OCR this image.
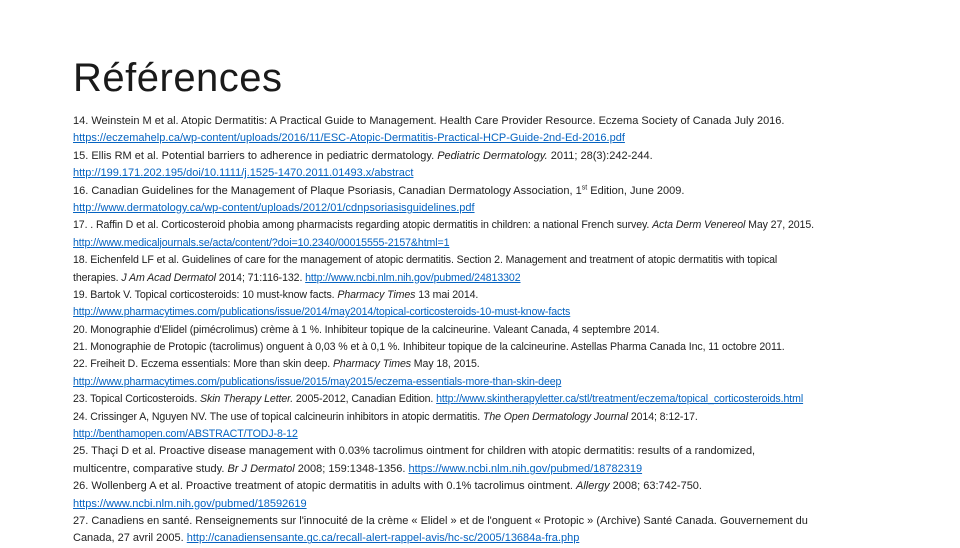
Références
14. Weinstein M et al. Atopic Dermatitis: A Practical Guide to Management. Health Care Provider Resource. Eczema Society of Canada July 2016.
https://eczemahelp.ca/wp-content/uploads/2016/11/ESC-Atopic-Dermatitis-Practical-HCP-Guide-2nd-Ed-2016.pdf
15. Ellis RM et al. Potential barriers to adherence in pediatric dermatology. Pediatric Dermatology. 2011; 28(3):242-244.
http://199.171.202.195/doi/10.1111/j.1525-1470.2011.01493.x/abstract
16. Canadian Guidelines for the Management of Plaque Psoriasis, Canadian Dermatology Association, 1st Edition, June 2009.
http://www.dermatology.ca/wp-content/uploads/2012/01/cdnpsoriasisguidelines.pdf
17. . Raffin D et al. Corticosteroid phobia among pharmacists regarding atopic dermatitis in children: a national French survey. Acta Derm Venereol May 27, 2015.
http://www.medicaljournals.se/acta/content/?doi=10.2340/00015555-2157&html=1
18. Eichenfeld LF et al. Guidelines of care for the management of atopic dermatitis. Section 2. Management and treatment of atopic dermatitis with topical
therapies. J Am Acad Dermatol 2014; 71:116-132. http://www.ncbi.nlm.nih.gov/pubmed/24813302
19. Bartok V. Topical corticosteroids: 10 must-know facts. Pharmacy Times 13 mai 2014.
http://www.pharmacytimes.com/publications/issue/2014/may2014/topical-corticosteroids-10-must-know-facts
20. Monographie d'Elidel (pimécrolimus) crème à 1 %. Inhibiteur topique de la calcineurine. Valeant Canada, 4 septembre 2014.
21. Monographie de Protopic (tacrolimus) onguent à 0,03 % et à 0,1 %. Inhibiteur topique de la calcineurine. Astellas Pharma Canada Inc, 11 octobre 2011.
22. Freiheit D. Eczema essentials: More than skin deep. Pharmacy Times May 18, 2015.
http://www.pharmacytimes.com/publications/issue/2015/may2015/eczema-essentials-more-than-skin-deep
23. Topical Corticosteroids. Skin Therapy Letter. 2005-2012, Canadian Edition. http://www.skintherapyletter.ca/stl/treatment/eczema/topical_corticosteroids.html
24. Crissinger A, Nguyen NV. The use of topical calcineurin inhibitors in atopic dermatitis. The Open Dermatology Journal 2014; 8:12-17.
http://benthamopen.com/ABSTRACT/TODJ-8-12
25. Thaçi D et al. Proactive disease management with 0.03% tacrolimus ointment for children with atopic dermatitis: results of a randomized,
multicentre, comparative study. Br J Dermatol 2008; 159:1348-1356. https://www.ncbi.nlm.nih.gov/pubmed/18782319
26. Wollenberg A et al. Proactive treatment of atopic dermatitis in adults with 0.1% tacrolimus ointment. Allergy 2008; 63:742-750.
https://www.ncbi.nlm.nih.gov/pubmed/18592619
27. Canadiens en santé. Renseignements sur l'innocuité de la crème « Elidel » et de l'onguent « Protopic » (Archive) Santé Canada. Gouvernement du
Canada, 27 avril 2005. http://canadiensensante.gc.ca/recall-alert-rappel-avis/hc-sc/2005/13684a-fra.php
